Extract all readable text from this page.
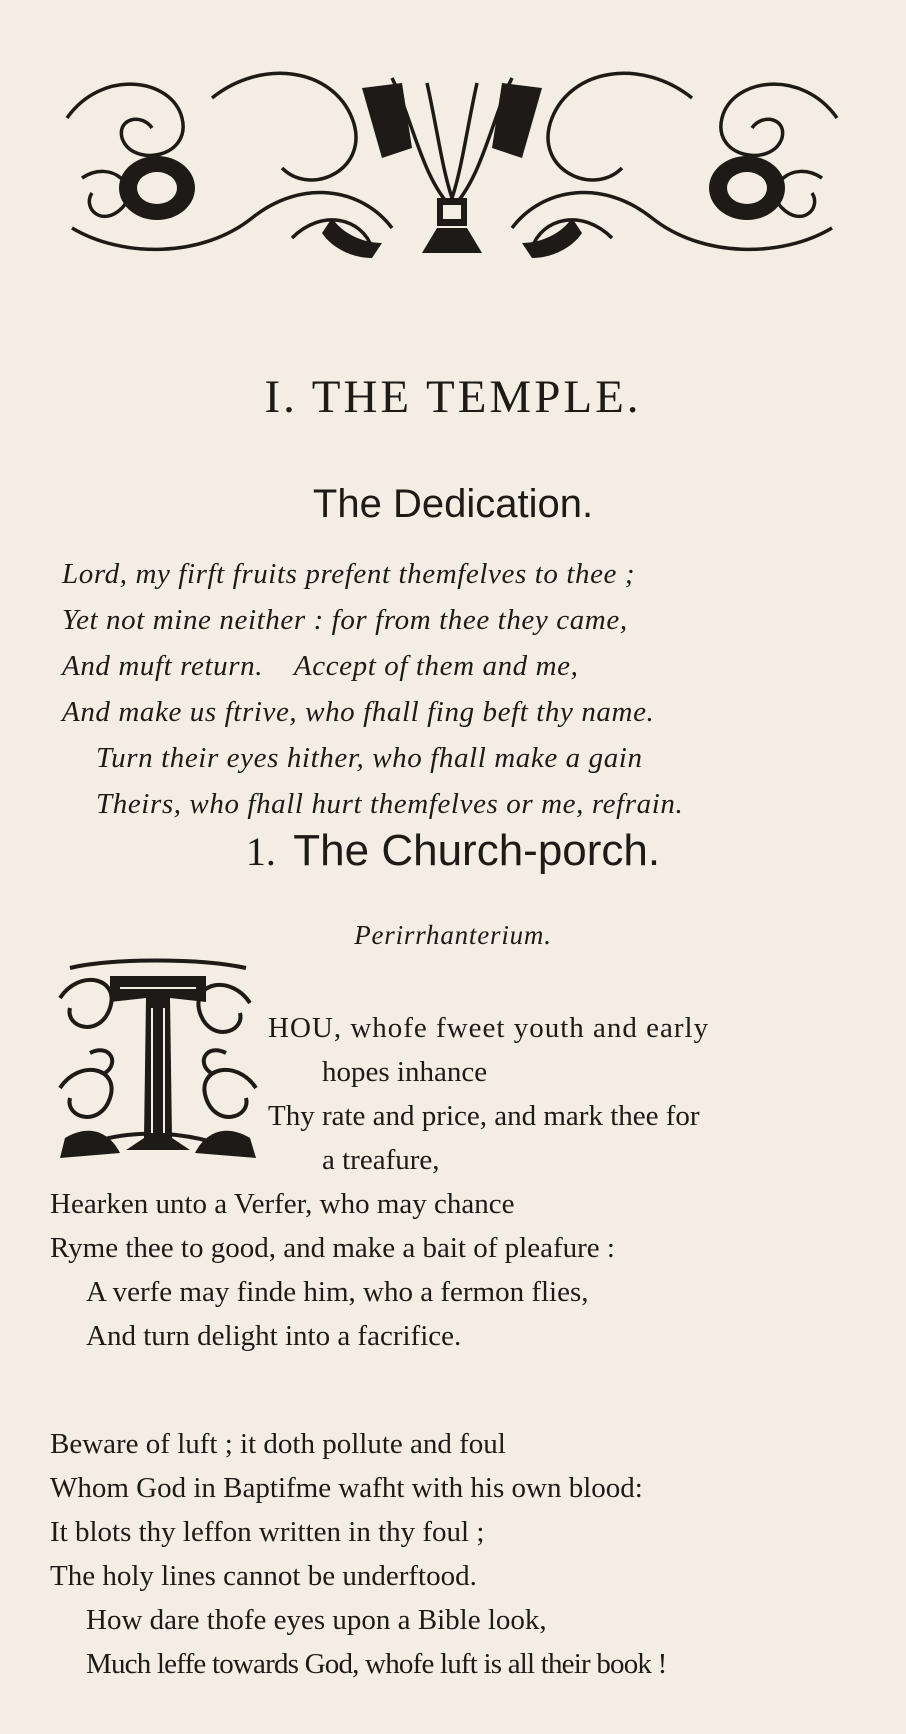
I. THE TEMPLE.
The Dedication.
Lord, my firft fruits prefent themfelves to thee ;
Yet not mine neither : for from thee they came,
And muft return.    Accept of them and me,
And make us ftrive, who fhall fing beft thy name.
Turn their eyes hither, who fhall make a gain
Theirs, who fhall hurt themfelves or me, refrain.
1. The Church-porch.
Perirrhanterium.
HOU, whofe fweet youth and early
hopes inhance
Thy rate and price, and mark thee for
a treafure,
Hearken unto a Verfer, who may chance
Ryme thee to good, and make a bait of pleafure :
A verfe may finde him, who a fermon flies,
And turn delight into a facrifice.
Beware of luft ; it doth pollute and foul
Whom God in Baptifme wafht with his own blood:
It blots thy leffon written in thy foul ;
The holy lines cannot be underftood.
How dare thofe eyes upon a Bible look,
Much leffe towards God, whofe luft is all their book !
